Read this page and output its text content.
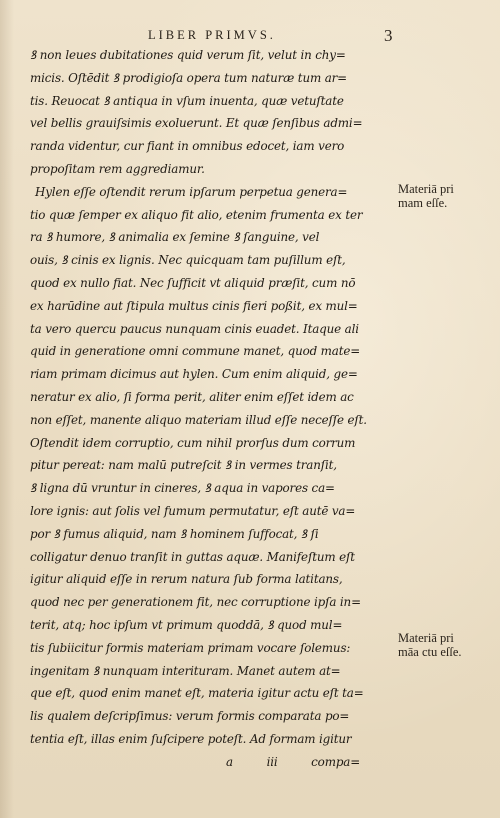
LIBER PRIMVS.	3
ꝸ non leues dubitationes quid verum ſit, velut in chy=
micis. Oſtēdit ꝸ prodigioſa opera tum naturæ tum ar=
tis. Reuocat ꝸ antiqua in vſum inuenta, quæ vetuſtate
vel bellis grauiſsimis exoluerunt. Et quæ ſenſibus admi=
randa videntur, cur fiant in omnibus edocet, iam vero
propoſitam rem aggrediamur.
Hylen eſſe oſtendit rerum ipſarum perpetua genera=
tio quæ ſemper ex aliquo fit alio, etenim frumenta ex ter
ra ꝸ humore, ꝸ animalia ex ſemine ꝸ ſanguine, vel
ouis, ꝸ cinis ex lignis. Nec quicquam tam puſillum eſt,
quod ex nullo fiat. Nec ſufficit vt aliquid præſit, cum nō
ex harūdine aut ſtipula multus cinis fieri poßit, ex mul=
ta vero quercu paucus nunquam cinis euadet. Itaque ali
quid in generatione omni commune manet, quod mate=
riam primam dicimus aut hylen. Cum enim aliquid, ge=
neratur ex alio, ſi forma perit, aliter enim eſſet idem ac
non eſſet, manente aliquo materiam illud eſſe neceſſe eſt.
Oſtendit idem corruptio, cum nihil prorſus dum corrum
pitur pereat: nam malū putreſcit ꝸ in vermes tranſit,
ꝸ ligna dū vruntur in cineres, ꝸ aqua in vapores ca=
lore ignis: aut ſolis vel fumum permutatur, eſt autē va=
por ꝸ fumus aliquid, nam ꝸ hominem ſuffocat, ꝸ ſi
colligatur denuo tranſit in guttas aquæ. Manifeſtum eſt
igitur aliquid eſſe in rerum natura ſub forma latitans,
quod nec per generationem fit, nec corruptione ipſa in=
terit, atq; hoc ipſum vt primum quoddā, ꝸ quod mul=
tis ſubiicitur formis materiam primam vocare ſolemus:
ingenitam ꝸ nunquam interituram. Manet autem at=
que eſt, quod enim manet eſt, materia igitur actu eſt ta=
lis qualem deſcripſimus: verum formis comparata po=
tentia eſt, illas enim ſuſcipere poteſt. Ad formam igitur
a iii	compa=
Materiā pri
mam eſſe.
Materiā pri
māa ctu eſſe.
